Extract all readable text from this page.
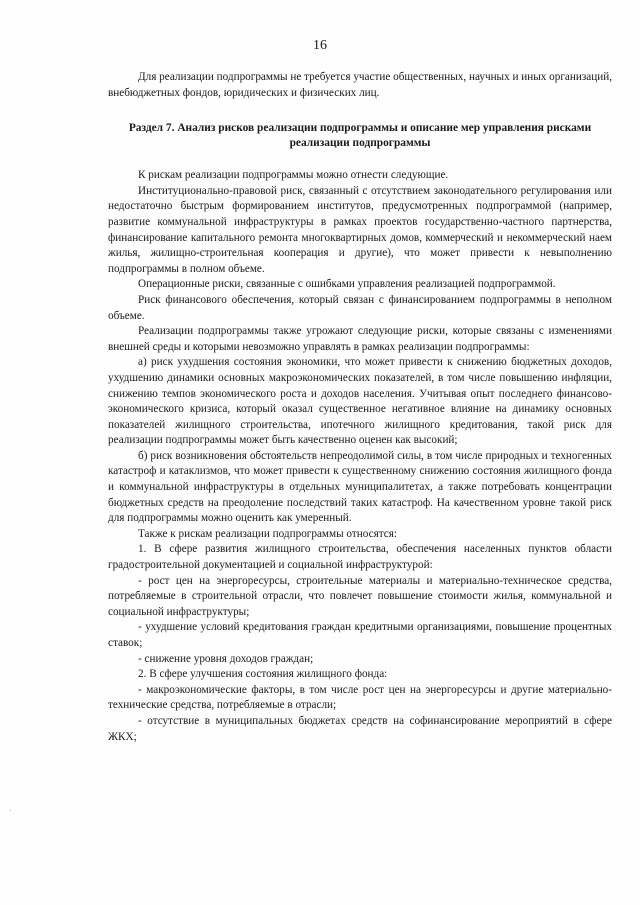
16

Для реализации подпрограммы не требуется участие общественных, научных и иных организаций, внебюджетных фондов, юридических и физических лиц.

Раздел 7. Анализ рисков реализации подпрограммы и описание мер управления рисками реализации подпрограммы

К рискам реализации подпрограммы можно отнести следующие.

Институционально-правовой риск, связанный с отсутствием законодательного регулирования или недостаточно быстрым формированием институтов, предусмотренных подпрограммой (например, развитие коммунальной инфраструктуры в рамках проектов государственно-частного партнерства, финансирование капитального ремонта многоквартирных домов, коммерческий и некоммерческий наем жилья, жилищно-строительная кооперация и другие), что может привести к невыполнению подпрограммы в полном объеме.

Операционные риски, связанные с ошибками управления реализацией подпрограммой.

Риск финансового обеспечения, который связан с финансированием подпрограммы в неполном объеме.

Реализации подпрограммы также угрожают следующие риски, которые связаны с изменениями внешней среды и которыми невозможно управлять в рамках реализации подпрограммы:

а) риск ухудшения состояния экономики, что может привести к снижению бюджетных доходов, ухудшению динамики основных макроэкономических показателей, в том числе повышению инфляции, снижению темпов экономического роста и доходов населения. Учитывая опыт последнего финансово-экономического кризиса, который оказал существенное негативное влияние на динамику основных показателей жилищного строительства, ипотечного жилищного кредитования, такой риск для реализации подпрограммы может быть качественно оценен как высокий;

б) риск возникновения обстоятельств непреодолимой силы, в том числе природных и техногенных катастроф и катаклизмов, что может привести к существенному снижению состояния жилищного фонда и коммунальной инфраструктуры в отдельных муниципалитетах, а также потребовать концентрации бюджетных средств на преодоление последствий таких катастроф. На качественном уровне такой риск для подпрограммы можно оценить как умеренный.

Также к рискам реализации подпрограммы относятся:

1. В сфере развития жилищного строительства, обеспечения населенных пунктов области градостроительной документацией и социальной инфраструктурой:

- рост цен на энергоресурсы, строительные материалы и материально-техническое средства, потребляемые в строительной отрасли, что повлечет повышение стоимости жилья, коммунальной и социальной инфраструктуры;

- ухудшение условий кредитования граждан кредитными организациями, повышение процентных ставок;

- снижение уровня доходов граждан;

2. В сфере улучшения состояния жилищного фонда:

- макроэкономические факторы, в том числе рост цен на энергоресурсы и другие материально-технические средства, потребляемые в отрасли;

- отсутствие в муниципальных бюджетах средств на софинансирование мероприятий в сфере ЖКХ;
